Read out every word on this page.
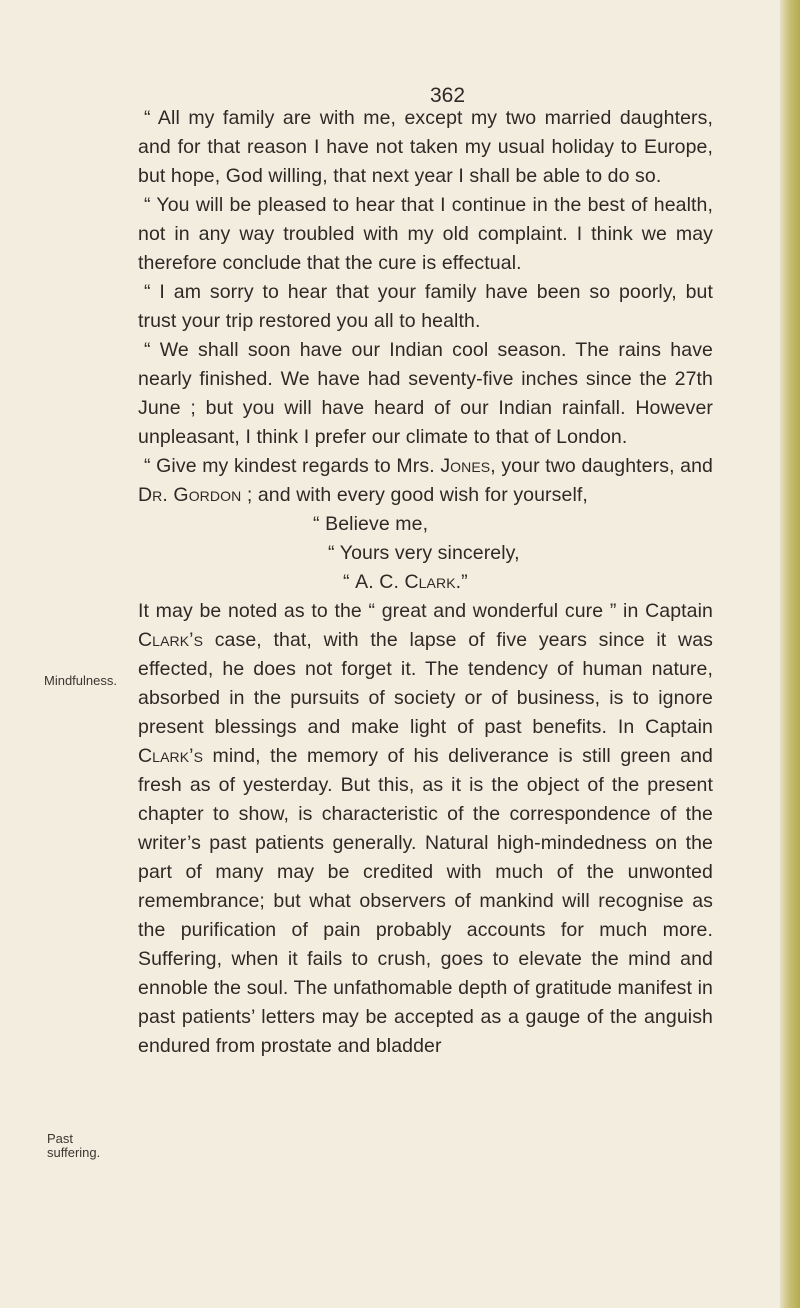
362
Mindfulness.
Past
suffering.

“ All my family are with me, except my two married daughters, and for that reason I have not taken my usual holiday to Europe, but hope, God willing, that next year I shall be able to do so.

“ You will be pleased to hear that I continue in the best of health, not in any way troubled with my old complaint. I think we may therefore conclude that the cure is effectual.

“ I am sorry to hear that your family have been so poorly, but trust your trip restored you all to health.

“ We shall soon have our Indian cool season. The rains have nearly finished. We have had seventy-five inches since the 27th June ; but you will have heard of our Indian rainfall. However unpleasant, I think I prefer our climate to that of London.

“ Give my kindest regards to Mrs. Jones, your two daughters, and Dr. Gordon ; and with every good wish for yourself,

“ Believe me,

“ Yours very sincerely,

“ A. C. Clark.”

It may be noted as to the “ great and wonderful cure ” in Captain Clark’s case, that, with the lapse of five years since it was effected, he does not forget it. The tendency of human nature, absorbed in the pursuits of society or of business, is to ignore present blessings and make light of past benefits. In Captain Clark’s mind, the memory of his deliverance is still green and fresh as of yesterday. But this, as it is the object of the present chapter to show, is characteristic of the correspondence of the writer’s past patients generally. Natural high-mindedness on the part of many may be credited with much of the unwonted remembrance; but what observers of mankind will recognise as the purification of pain probably accounts for much more. Suffering, when it fails to crush, goes to elevate the mind and ennoble the soul. The unfathomable depth of gratitude manifest in past patients’ letters may be accepted as a gauge of the anguish endured from prostate and bladder
